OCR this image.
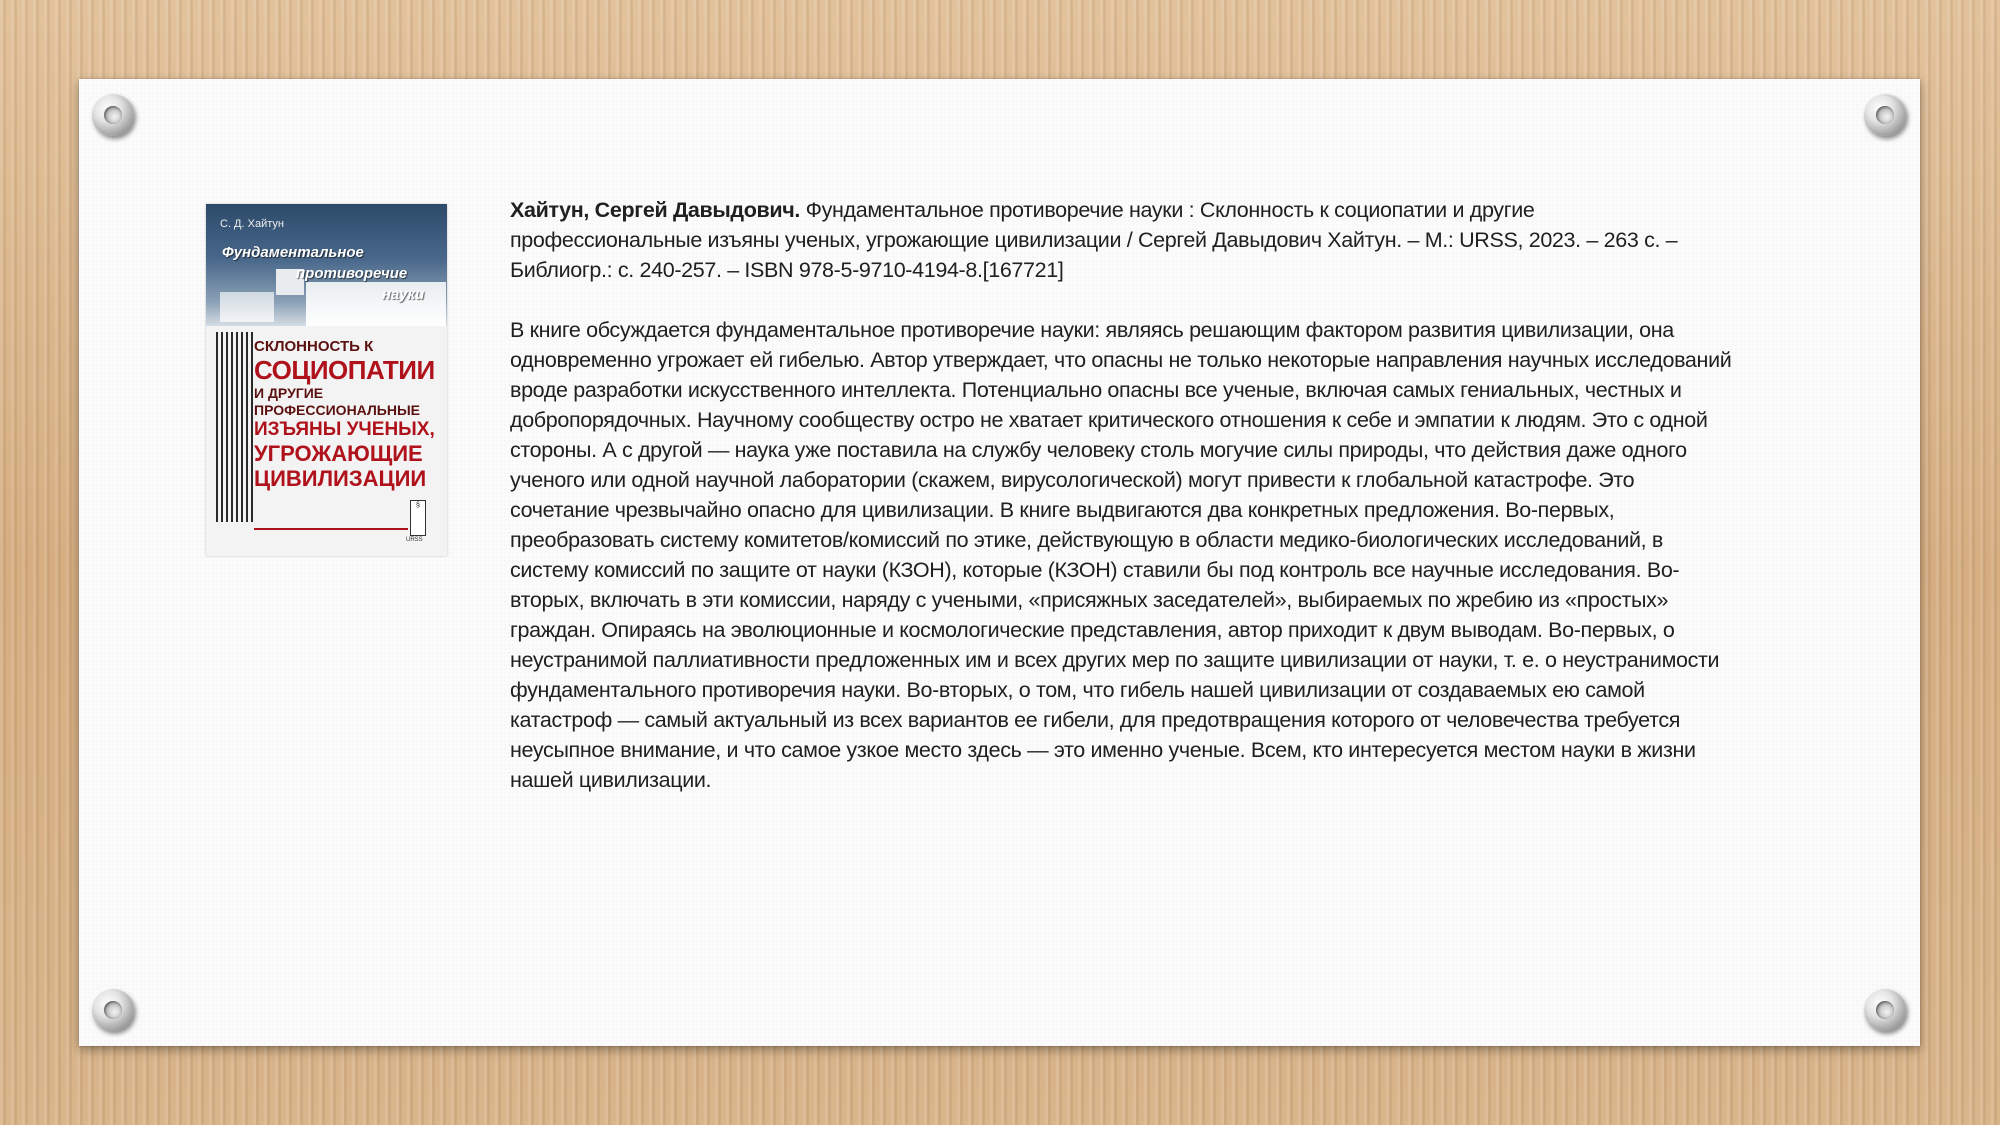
С. Д. Хайтун
Фундаментальное
противоречие
науки
СКЛОННОСТЬ К
СОЦИОПАТИИ
И ДРУГИЕ ПРОФЕССИОНАЛЬНЫЕ
ИЗЪЯНЫ УЧЕНЫХ,
УГРОЖАЮЩИЕ
ЦИВИЛИЗАЦИИ
§
URSS

Хайтун, Сергей Давыдович. Фундаментальное противоречие науки : Склонность к социопатии и другие профессиональные изъяны ученых, угрожающие цивилизации / Сергей Давыдович Хайтун. – М.: URSS, 2023. – 263 с. – Библиогр.: с. 240-257. – ISBN 978-5-9710-4194-8.[167721]

В книге обсуждается фундаментальное противоречие науки: являясь решающим фактором развития цивилизации, она одновременно угрожает ей гибелью. Автор утверждает, что опасны не только некоторые направления научных исследований вроде разработки искусственного интеллекта. Потенциально опасны все ученые, включая самых гениальных, честных и добропорядочных. Научному сообществу остро не хватает критического отношения к себе и эмпатии к людям. Это с одной стороны. А с другой — наука уже поставила на службу человеку столь могучие силы природы, что действия даже одного ученого или одной научной лаборатории (скажем, вирусологической) могут привести к глобальной катастрофе. Это сочетание чрезвычайно опасно для цивилизации. В книге выдвигаются два конкретных предложения. Во-первых, преобразовать систему комитетов/комиссий по этике, действующую в области медико-биологических исследований, в систему комиссий по защите от науки (КЗОН), которые (КЗОН) ставили бы под контроль все научные исследования. Во-вторых, включать в эти комиссии, наряду с учеными, «присяжных заседателей», выбираемых по жребию из «простых» граждан. Опираясь на эволюционные и космологические представления, автор приходит к двум выводам. Во-первых, о неустранимой паллиативности предложенных им и всех других мер по защите цивилизации от науки, т. е. о неустранимости фундаментального противоречия науки. Во-вторых, о том, что гибель нашей цивилизации от создаваемых ею самой катастроф — самый актуальный из всех вариантов ее гибели, для предотвращения которого от человечества требуется неусыпное внимание, и что самое узкое место здесь — это именно ученые. Всем, кто интересуется местом науки в жизни нашей цивилизации.
